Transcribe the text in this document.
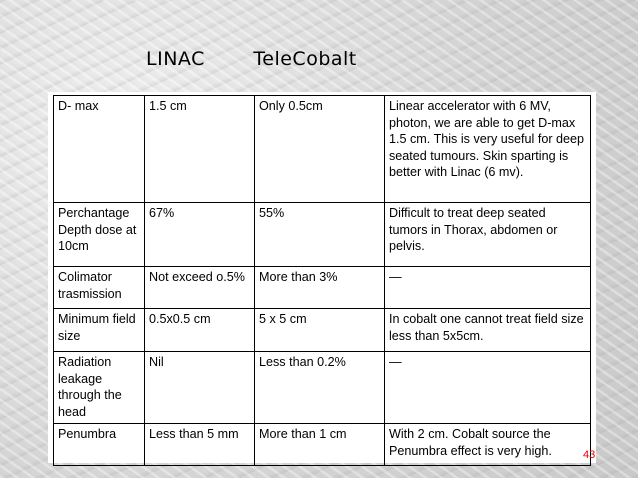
LINAC	TeleCobalt
D- max	1.5 cm	Only 0.5cm	Linear accelerator with 6 MV, photon, we are able to get D-max 1.5 cm. This is very useful for deep seated tumours. Skin sparting is better with Linac (6 mv).
Perchantage Depth dose at 10cm	67%	55%	Difficult to treat deep seated tumors in Thorax, abdomen or pelvis.
Colimator trasmission	Not exceed o.5%	More than 3%	—
Minimum field size	0.5x0.5 cm	5 x 5 cm	In cobalt one cannot treat field size less than 5x5cm.
Radiation leakage through the head	Nil	Less than 0.2%	—
Penumbra	Less than 5 mm	More than 1 cm	With 2 cm. Cobalt source the Penumbra effect is very high.	43
